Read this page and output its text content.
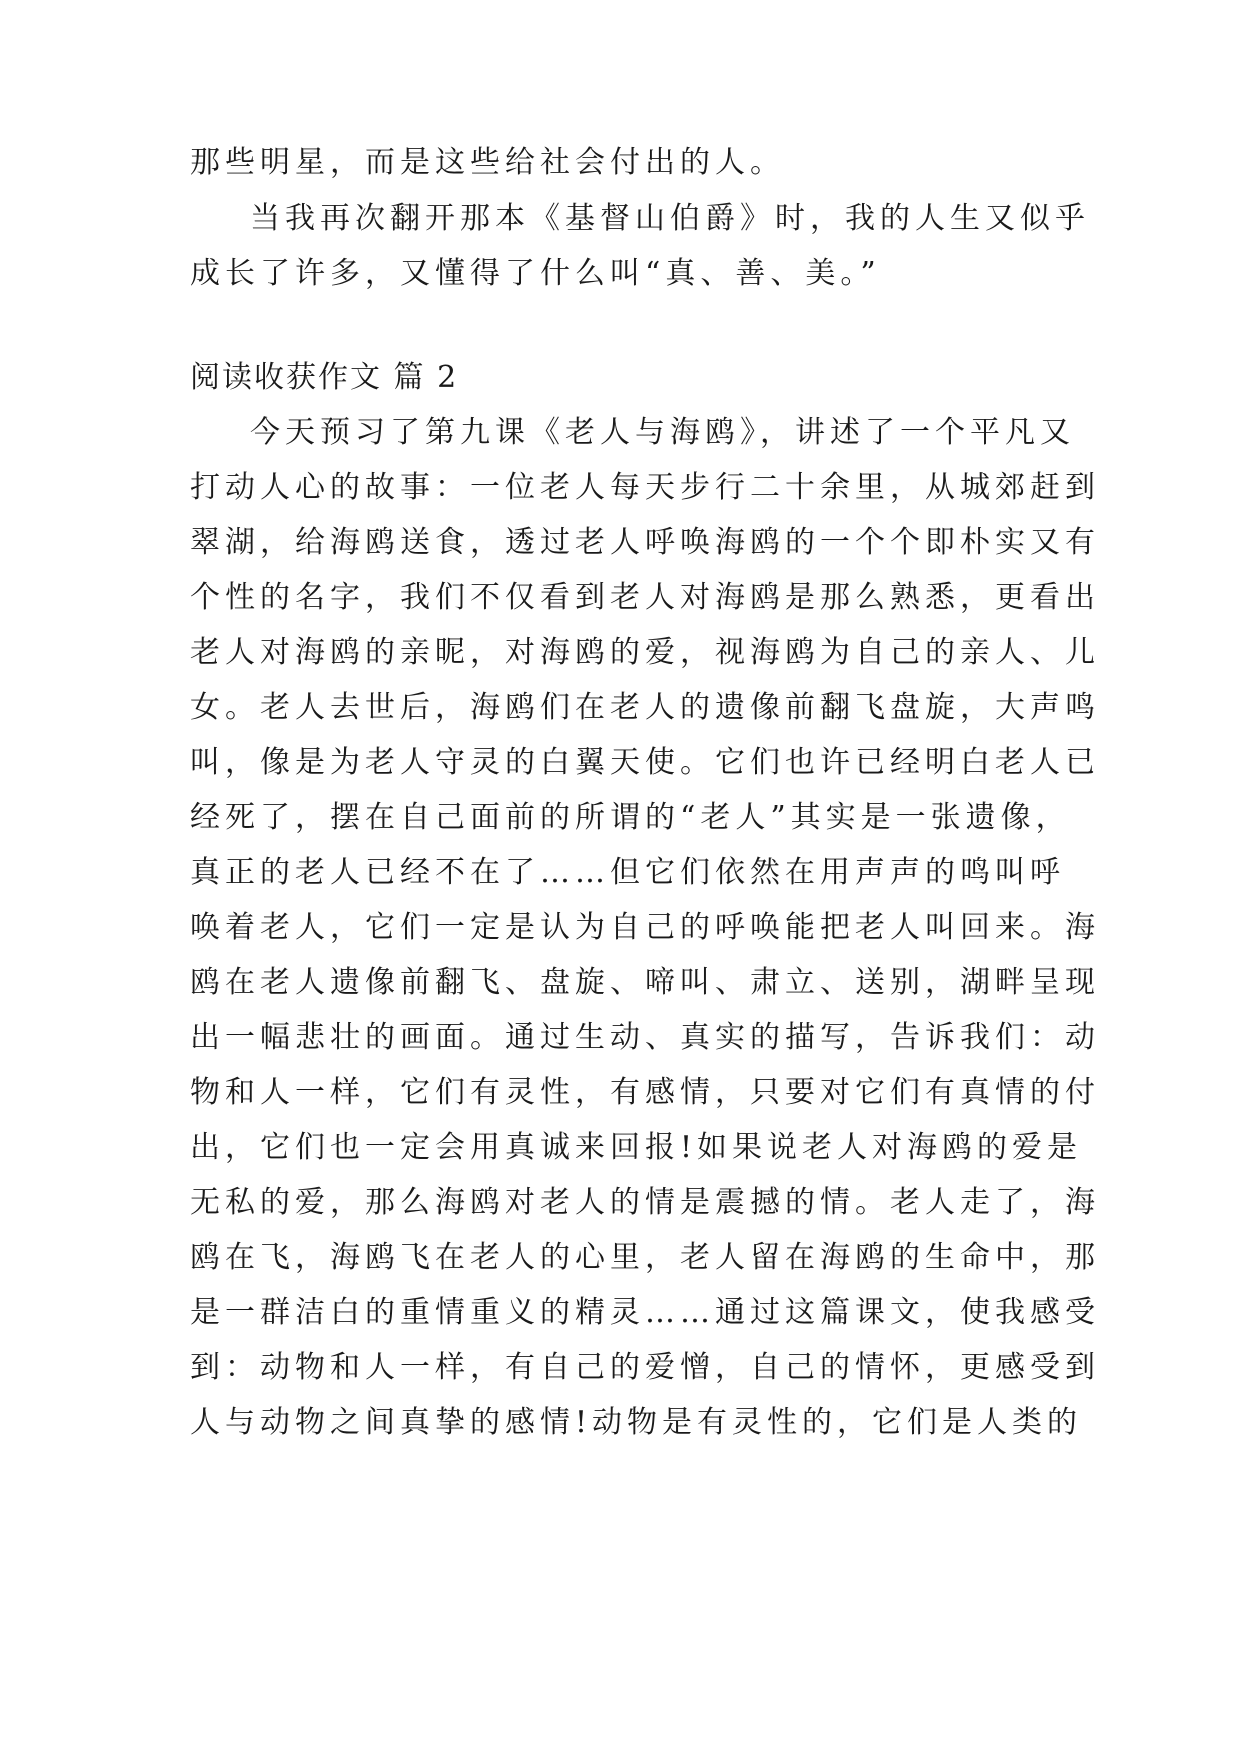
那些明星，而是这些给社会付出的人。
当我再次翻开那本《基督山伯爵》时，我的人生又似乎
成长了许多，又懂得了什么叫“真、善、美。”
阅读收获作文 篇 2
今天预习了第九课《老人与海鸥》，讲述了一个平凡又
打动人心的故事：一位老人每天步行二十余里，从城郊赶到
翠湖，给海鸥送食，透过老人呼唤海鸥的一个个即朴实又有
个性的名字，我们不仅看到老人对海鸥是那么熟悉，更看出
老人对海鸥的亲昵，对海鸥的爱，视海鸥为自己的亲人、儿
女。老人去世后，海鸥们在老人的遗像前翻飞盘旋，大声鸣
叫，像是为老人守灵的白翼天使。它们也许已经明白老人已
经死了，摆在自己面前的所谓的“老人”其实是一张遗像，
真正的老人已经不在了……但它们依然在用声声的鸣叫呼
唤着老人，它们一定是认为自己的呼唤能把老人叫回来。海
鸥在老人遗像前翻飞、盘旋、啼叫、肃立、送别，湖畔呈现
出一幅悲壮的画面。通过生动、真实的描写，告诉我们：动
物和人一样，它们有灵性，有感情，只要对它们有真情的付
出，它们也一定会用真诚来回报!如果说老人对海鸥的爱是
无私的爱，那么海鸥对老人的情是震撼的情。老人走了，海
鸥在飞，海鸥飞在老人的心里，老人留在海鸥的生命中，那
是一群洁白的重情重义的精灵……通过这篇课文，使我感受
到：动物和人一样，有自己的爱憎，自己的情怀，更感受到
人与动物之间真挚的感情!动物是有灵性的，它们是人类的
